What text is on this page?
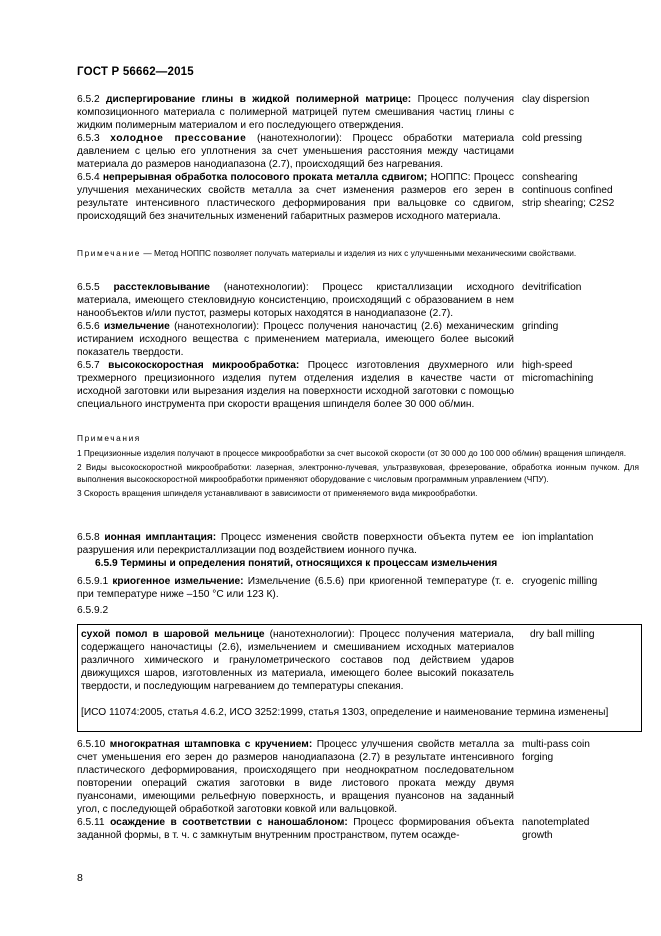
ГОСТ Р 56662—2015
6.5.2 диспергирование глины в жидкой полимерной матрице: Процесс получения композиционного материала с полимерной матрицей путем смешивания частиц глины с жидким полимерным материалом и его последующего отверждения.
clay dispersion
6.5.3 холодное прессование (нанотехнологии): Процесс обработки материала давлением с целью его уплотнения за счет уменьшения расстояния между частицами материала до размеров нанодиапазона (2.7), происходящий без нагревания.
cold pressing
6.5.4 непрерывная обработка полосового проката металла сдвигом; НОППС: Процесс улучшения механических свойств металла за счет изменения размеров его зерен в результате интенсивного пластического деформирования при вальцовке со сдвигом, происходящий без значительных изменений габаритных размеров исходного материала.
conshearing continuous confined strip shearing; C2S2
Примечание — Метод НОППС позволяет получать материалы и изделия из них с улучшенными механическими свойствами.
6.5.5 расстекловывание (нанотехнологии): Процесс кристаллизации исходного материала, имеющего стекловидную консистенцию, происходящий с образованием в нем нанообъектов и/или пустот, размеры которых находятся в нанодиапазоне (2.7).
devitrification
6.5.6 измельчение (нанотехнологии): Процесс получения наночастиц (2.6) механическим истиранием исходного вещества с применением материала, имеющего более высокий показатель твердости.
grinding
6.5.7 высокоскоростная микрообработка: Процесс изготовления двухмерного или трехмерного прецизионного изделия путем отделения изделия в качестве части от исходной заготовки или вырезания изделия на поверхности исходной заготовки с помощью специального инструмента при скорости вращения шпинделя более 30 000 об/мин.
high-speed micromachining
Примечания
1 Прецизионные изделия получают в процессе микрообработки за счет высокой скорости (от 30 000 до 100 000 об/мин) вращения шпинделя.
2 Виды высокоскоростной микрообработки: лазерная, электронно-лучевая, ультразвуковая, фрезерование, обработка ионным пучком. Для выполнения высокоскоростной микрообработки применяют оборудование с числовым программным управлением (ЧПУ).
3 Скорость вращения шпинделя устанавливают в зависимости от применяемого вида микрообработки.
6.5.8 ионная имплантация: Процесс изменения свойств поверхности объекта путем ее разрушения или перекристаллизации под воздействием ионного пучка.
ion implantation
6.5.9 Термины и определения понятий, относящихся к процессам измельчения
6.5.9.1 криогенное измельчение: Измельчение (6.5.6) при криогенной температуре (т. е. при температуре ниже –150 °С или 123 К).
cryogenic milling
6.5.9.2
сухой помол в шаровой мельнице (нанотехнологии): Процесс получения материала, содержащего наночастицы (2.6), измельчением и смешиванием исходных материалов различного химического и гранулометрического составов под действием ударов движущихся шаров, изготовленных из материала, имеющего более высокий показатель твердости, и последующим нагреванием до температуры спекания.
dry ball milling
[ИСО 11074:2005, статья 4.6.2, ИСО 3252:1999, статья 1303, определение и наименование термина изменены]
6.5.10 многократная штамповка с кручением: Процесс улучшения свойств металла за счет уменьшения его зерен до размеров нанодиапазона (2.7) в результате интенсивного пластического деформирования, происходящего при неоднократном последовательном повторении операций сжатия заготовки в виде листового проката между двумя пуансонами, имеющими рельефную поверхность, и вращения пуансонов на заданный угол, с последующей обработкой заготовки ковкой или вальцовкой.
multi-pass coin forging
6.5.11 осаждение в соответствии с наношаблоном: Процесс формирования объекта заданной формы, в т. ч. с замкнутым внутренним пространством, путем осажде-
nanotemplated growth
8
